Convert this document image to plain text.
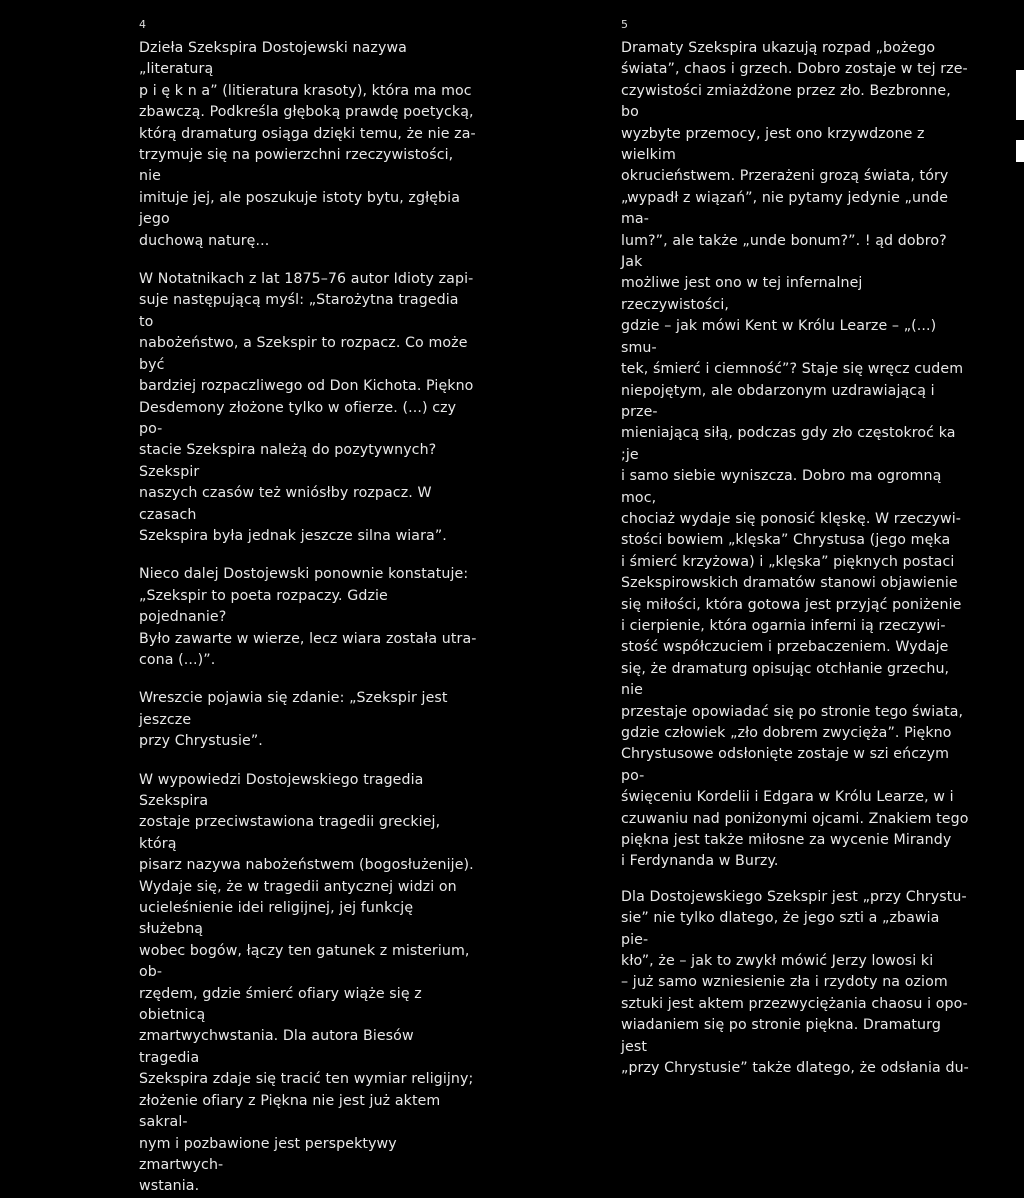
4

Dzieła Szekspira Dostojewski nazywa „literaturą
p i ę k n a” (litieratura krasoty), która ma moc
zbawczą. Podkreśla głęboką prawdę poetycką,
którą dramaturg osiąga dzięki temu, że nie za-
trzymuje się na powierzchni rzeczywistości, nie
imituje jej, ale poszukuje istoty bytu, zgłębia jego
duchową naturę...

W Notatnikach z lat 1875–76 autor Idioty zapi-
suje następującą myśl: „Starożytna tragedia to
nabożeństwo, a Szekspir to rozpacz. Co może być
bardziej rozpaczliwego od Don Kichota. Piękno
Desdemony złożone tylko w ofierze. (...) czy po-
stacie Szekspira należą do pozytywnych? Szekspir
naszych czasów też wniósłby rozpacz. W czasach
Szekspira była jednak jeszcze silna wiara”.

Nieco dalej Dostojewski ponownie konstatuje:
„Szekspir to poeta rozpaczy. Gdzie pojednanie?
Było zawarte w wierze, lecz wiara została utra-
cona (...)”.

Wreszcie pojawia się zdanie: „Szekspir jest jeszcze
przy Chrystusie”.

W wypowiedzi Dostojewskiego tragedia Szekspira
zostaje przeciwstawiona tragedii greckiej, którą
pisarz nazywa nabożeństwem (bogosłużenije).
Wydaje się, że w tragedii antycznej widzi on
ucieleśnienie idei religijnej, jej funkcję służebną
wobec bogów, łączy ten gatunek z misterium, ob-
rzędem, gdzie śmierć ofiary wiąże się z obietnicą
zmartwychwstania. Dla autora Biesów tragedia
Szekspira zdaje się tracić ten wymiar religijny;
złożenie ofiary z Piękna nie jest już aktem sakral-
nym i pozbawione jest perspektywy zmartwych-
wstania.

5

Dramaty Szekspira ukazują rozpad „bożego
świata”, chaos i grzech. Dobro zostaje w tej rze-
czywistości zmiażdżone przez zło. Bezbronne, bo
wyzbyte przemocy, jest ono krzywdzone z wielkim
okrucieństwem. Przerażeni grozą świata, tóry
„wypadł z wiązań”, nie pytamy jedynie „unde ma-
lum?”, ale także „unde bonum?”. ! ąd dobro? Jak
możliwe jest ono w tej infernalnej rzeczywistości,
gdzie – jak mówi Kent w Królu Learze – „(...) smu-
tek, śmierć i ciemność”? Staje się wręcz cudem
niepojętym, ale obdarzonym uzdrawiającą i prze-
mieniającą siłą, podczas gdy zło częstokroć ka ;je
i samo siebie wyniszcza. Dobro ma ogromną moc,
chociaż wydaje się ponosić klęskę. W rzeczywi-
stości bowiem „klęska” Chrystusa (jego męka
i śmierć krzyżowa) i „klęska” pięknych postaci
Szekspirowskich dramatów stanowi objawienie
się miłości, która gotowa jest przyjąć poniżenie
i cierpienie, która ogarnia inferni ią rzeczywi-
stość współczuciem i przebaczeniem. Wydaje
się, że dramaturg opisując otchłanie grzechu, nie
przestaje opowiadać się po stronie tego świata,
gdzie człowiek „zło dobrem zwycięża”. Piękno
Chrystusowe odsłonięte zostaje w szi eńczym po-
święceniu Kordelii i Edgara w Królu Learze, w i
czuwaniu nad poniżonymi ojcami. Znakiem tego
piękna jest także miłosne za wycenie Mirandy
i Ferdynanda w Burzy.

Dla Dostojewskiego Szekspir jest „przy Chrystu-
sie” nie tylko dlatego, że jego szti a „zbawia pie-
kło”, że – jak to zwykł mówić Jerzy lowosi ki
– już samo wzniesienie zła i rzydoty na oziom
sztuki jest aktem przezwyciężania chaosu i opo-
wiadaniem się po stronie piękna. Dramaturg jest
„przy Chrystusie” także dlatego, że odsłania du-
